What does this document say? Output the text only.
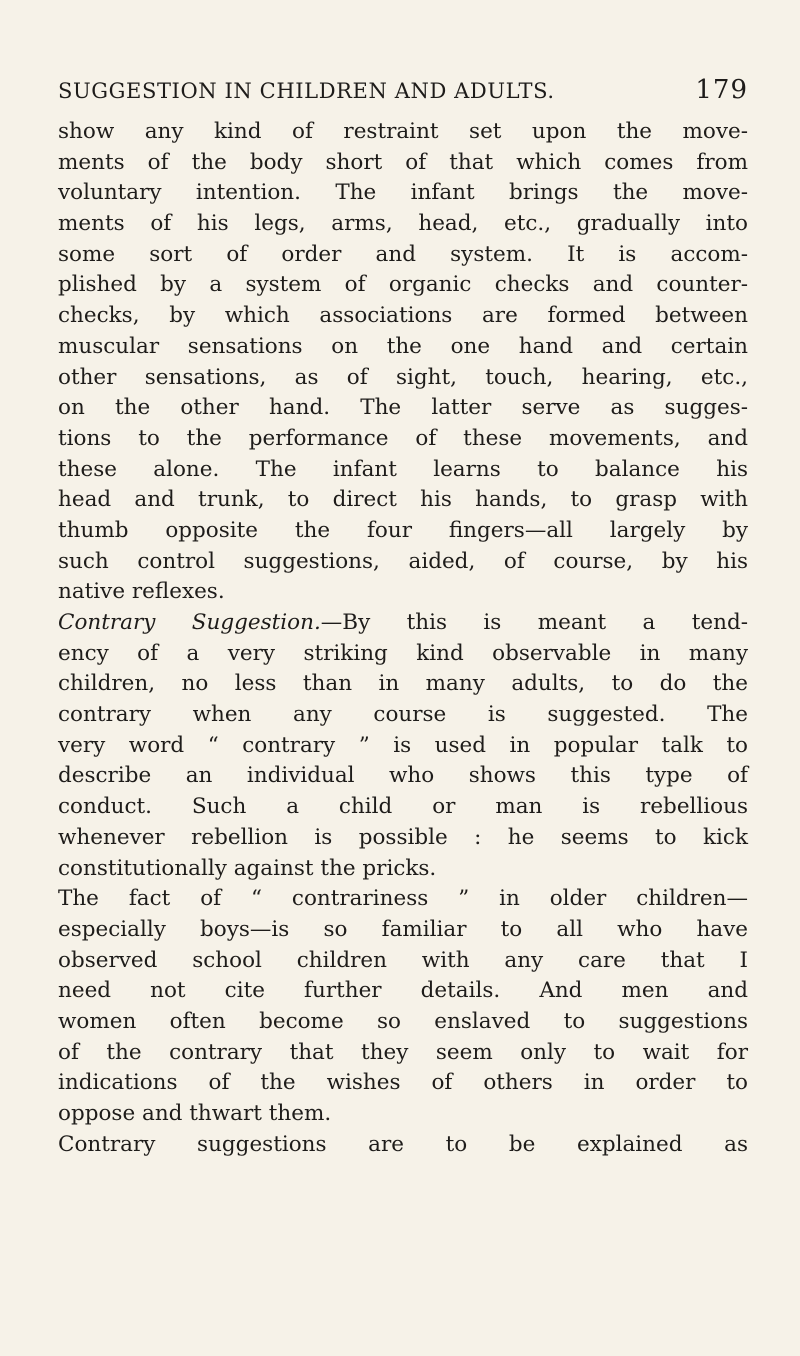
SUGGESTION IN CHILDREN AND ADULTS.	179
show any kind of restraint set upon the move-
ments of the body short of that which comes from
voluntary intention. The infant brings the move-
ments of his legs, arms, head, etc., gradually into
some sort of order and system. It is accom-
plished by a system of organic checks and counter-
checks, by which associations are formed between
muscular sensations on the one hand and certain
other sensations, as of sight, touch, hearing, etc.,
on the other hand. The latter serve as sugges-
tions to the performance of these movements, and
these alone. The infant learns to balance his
head and trunk, to direct his hands, to grasp with
thumb opposite the four fingers—all largely by
such control suggestions, aided, of course, by his
native reflexes.
Contrary Suggestion.—By this is meant a tend-
ency of a very striking kind observable in many
children, no less than in many adults, to do the
contrary when any course is suggested. The
very word “ contrary ” is used in popular talk to
describe an individual who shows this type of
conduct. Such a child or man is rebellious
whenever rebellion is possible : he seems to kick
constitutionally against the pricks.
The fact of “ contrariness ” in older children—
especially boys—is so familiar to all who have
observed school children with any care that I
need not cite further details. And men and
women often become so enslaved to suggestions
of the contrary that they seem only to wait for
indications of the wishes of others in order to
oppose and thwart them.
Contrary suggestions are to be explained as
